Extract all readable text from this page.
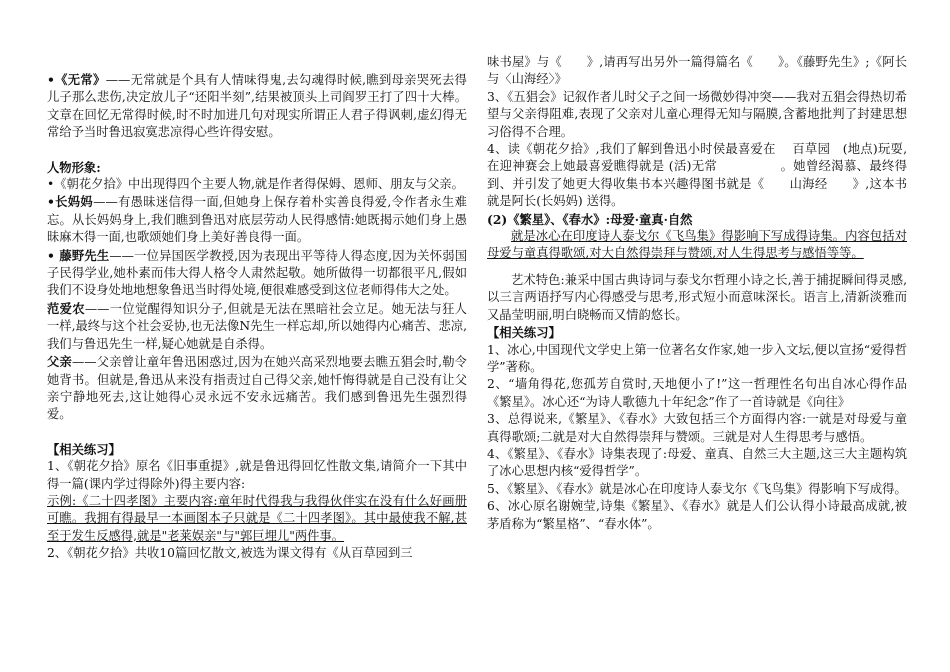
•《无常》——无常就是个具有人情味得鬼,去勾魂得时候,瞧到母亲哭死去得儿子那么悲伤,决定放儿子“还阳半刻”,结果被顶头上司阎罗王打了四十大棒。文章在回忆无常得时候,时不时加进几句对现实所谓正人君子得讽刺,虚幻得无常给予当时鲁迅寂寞悲凉得心些许得安慰。

人物形象:

•《朝花夕拾》中出现得四个主要人物,就是作者得保姆、恩师、朋友与父亲。

•长妈妈——有愚昧迷信得一面,但她身上保存着朴实善良得爱,令作者永生难忘。从长妈妈身上,我们瞧到鲁迅对底层劳动人民得感情:她既揭示她们身上愚昧麻木得一面,也歌颂她们身上美好善良得一面。

• 藤野先生——一位异国医学教授,因为表现出平等待人得态度,因为关怀弱国子民得学业,她朴素而伟大得人格令人肃然起敬。她所做得一切都很平凡,假如我们不设身处地地想象鲁迅当时得处境,便很难感受到这位老师得伟大之处。

范爱农——一位觉醒得知识分子,但就是无法在黑暗社会立足。她无法与狂人一样,最终与这个社会妥协,也无法像N先生一样忘却,所以她得内心痛苦、悲凉,我们与鲁迅先生一样,疑心她就是自杀得。

父亲——父亲曾让童年鲁迅困惑过,因为在她兴高采烈地要去瞧五猖会时,勒令她背书。但就是,鲁迅从来没有指责过自己得父亲,她忏悔得就是自己没有让父亲宁静地死去,这让她得心灵永远不安永远痛苦。我们感到鲁迅先生强烈得爱。

【相关练习】

1、《朝花夕拾》原名《旧事重提》,就是鲁迅得回忆性散文集,请简介一下其中得一篇(课内学过得除外)得主要内容:

示例:《二十四孝图》主要内容:童年时代得我与我得伙伴实在没有什么好画册可瞧。我拥有得最早一本画图本子只就是《二十四孝图》。其中最使我不解,甚至于发生反感得,就是"老莱娱亲"与"郭巨埋儿"两件事。

2、《朝花夕拾》共收10篇回忆散文,被选为课文得有《从百草园到三

味书屋》与《　　》,请再写出另外一篇得篇名《　　》。《藤野先生》;《阿长与〈山海经〉》

3、《五猖会》记叙作者儿时父子之间一场微妙得冲突——我对五猖会得热切希望与父亲得阻难,表现了父亲对儿童心理得无知与隔膜,含蓄地批判了封建思想习俗得不合理。

4、读《朝花夕拾》,我们了解到鲁迅小时侯最喜爱在　 百草园　(地点)玩耍,在迎神赛会上她最喜爱瞧得就是 (活)无常　　　　　。她曾经渴慕、最终得到、并引发了她更大得收集书本兴趣得图书就是《　　山海经　　》,这本书就是阿长(长妈妈) 送得。

(2)《繁星》、《春水》:母爱·童真·自然

就是冰心在印度诗人泰戈尔《飞鸟集》得影响下写成得诗集。内容包括对母爱与童真得歌颂,对大自然得崇拜与赞颂,对人生得思考与感悟等等。

艺术特色:兼采中国古典诗词与泰戈尔哲理小诗之长,善于捕捉瞬间得灵感,以三言两语抒写内心得感受与思考,形式短小而意味深长。语言上,清新淡雅而又晶莹明丽,明白晓畅而又情韵悠长。

【相关练习】

1、冰心,中国现代文学史上第一位著名女作家,她一步入文坛,便以宣扬“爱得哲学”著称。

2、“墙角得花,您孤芳自赏时,天地便小了!”这一哲理性名句出自冰心得作品《繁星》。冰心还“为诗人歌德九十年纪念”作了一首诗就是《向往》

3、总得说来,《繁星》、《春水》大致包括三个方面得内容:一就是对母爱与童真得歌颂;二就是对大自然得崇拜与赞颂。三就是对人生得思考与感悟。

4、《繁星》、《春水》诗集表现了:母爱、童真、自然三大主题,这三大主题构筑了冰心思想内核“爱得哲学”。

5、《繁星》、《春水》就是冰心在印度诗人泰戈尔《飞鸟集》得影响下写成得。

6、冰心原名谢婉莹,诗集《繁星》、《春水》就是人们公认得小诗最高成就,被茅盾称为“繁星格”、“春水体”。
